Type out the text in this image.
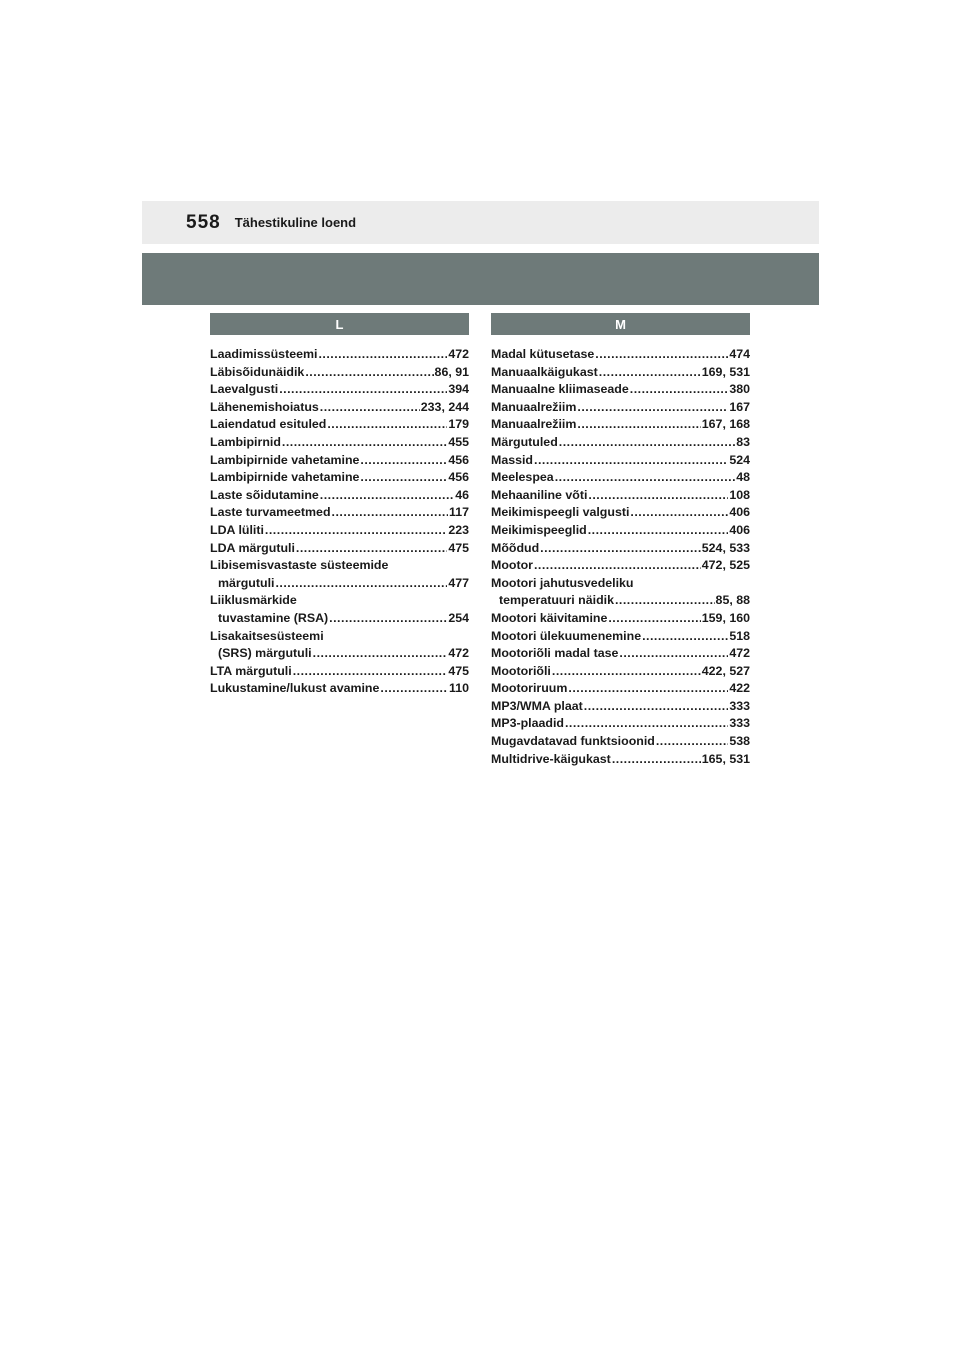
558 Tähestikuline loend
L
Laadimissüsteemi .....	472
Läbisõidunäidik .....	86, 91
Laevalgusti .....	394
Lähenemishoiatus .....	233, 244
Laiendatud esituled .....	179
Lambipirnid .....	455
Lambipirnide vahetamine .....	456
Lambipirnide vahetamine .....	456
Laste sõidutamine .....	46
Laste turvameetmed .....	117
LDA lüliti .....	223
LDA märgutuli .....	475
Libisemisvastaste süsteemide
märgutuli .....	477
Liiklusmärkide
tuvastamine (RSA) .....	254
Lisakaitsesüsteemi
(SRS) märgutuli .....	472
LTA märgutuli .....	475
Lukustamine/lukust avamine .....	110
M
Madal kütusetase .....	474
Manuaalkäigukast .....	169, 531
Manuaalne kliimaseade .....	380
Manuaalrežiim .....	167
Manuaalrežiim .....	167, 168
Märgutuled .....	83
Massid .....	524
Meelespea .....	48
Mehaaniline võti .....	108
Meikimispeegli valgusti .....	406
Meikimispeeglid .....	406
Mõõdud .....	524, 533
Mootor .....	472, 525
Mootori jahutusvedeliku
temperatuuri näidik .....	85, 88
Mootori käivitamine .....	159, 160
Mootori ülekuumenemine .....	518
Mootoriõli madal tase .....	472
Mootoriõli .....	422, 527
Mootoriruum .....	422
MP3/WMA plaat .....	333
MP3-plaadid .....	333
Mugavdatavad funktsioonid .....	538
Multidrive-käigukast .....	165, 531
